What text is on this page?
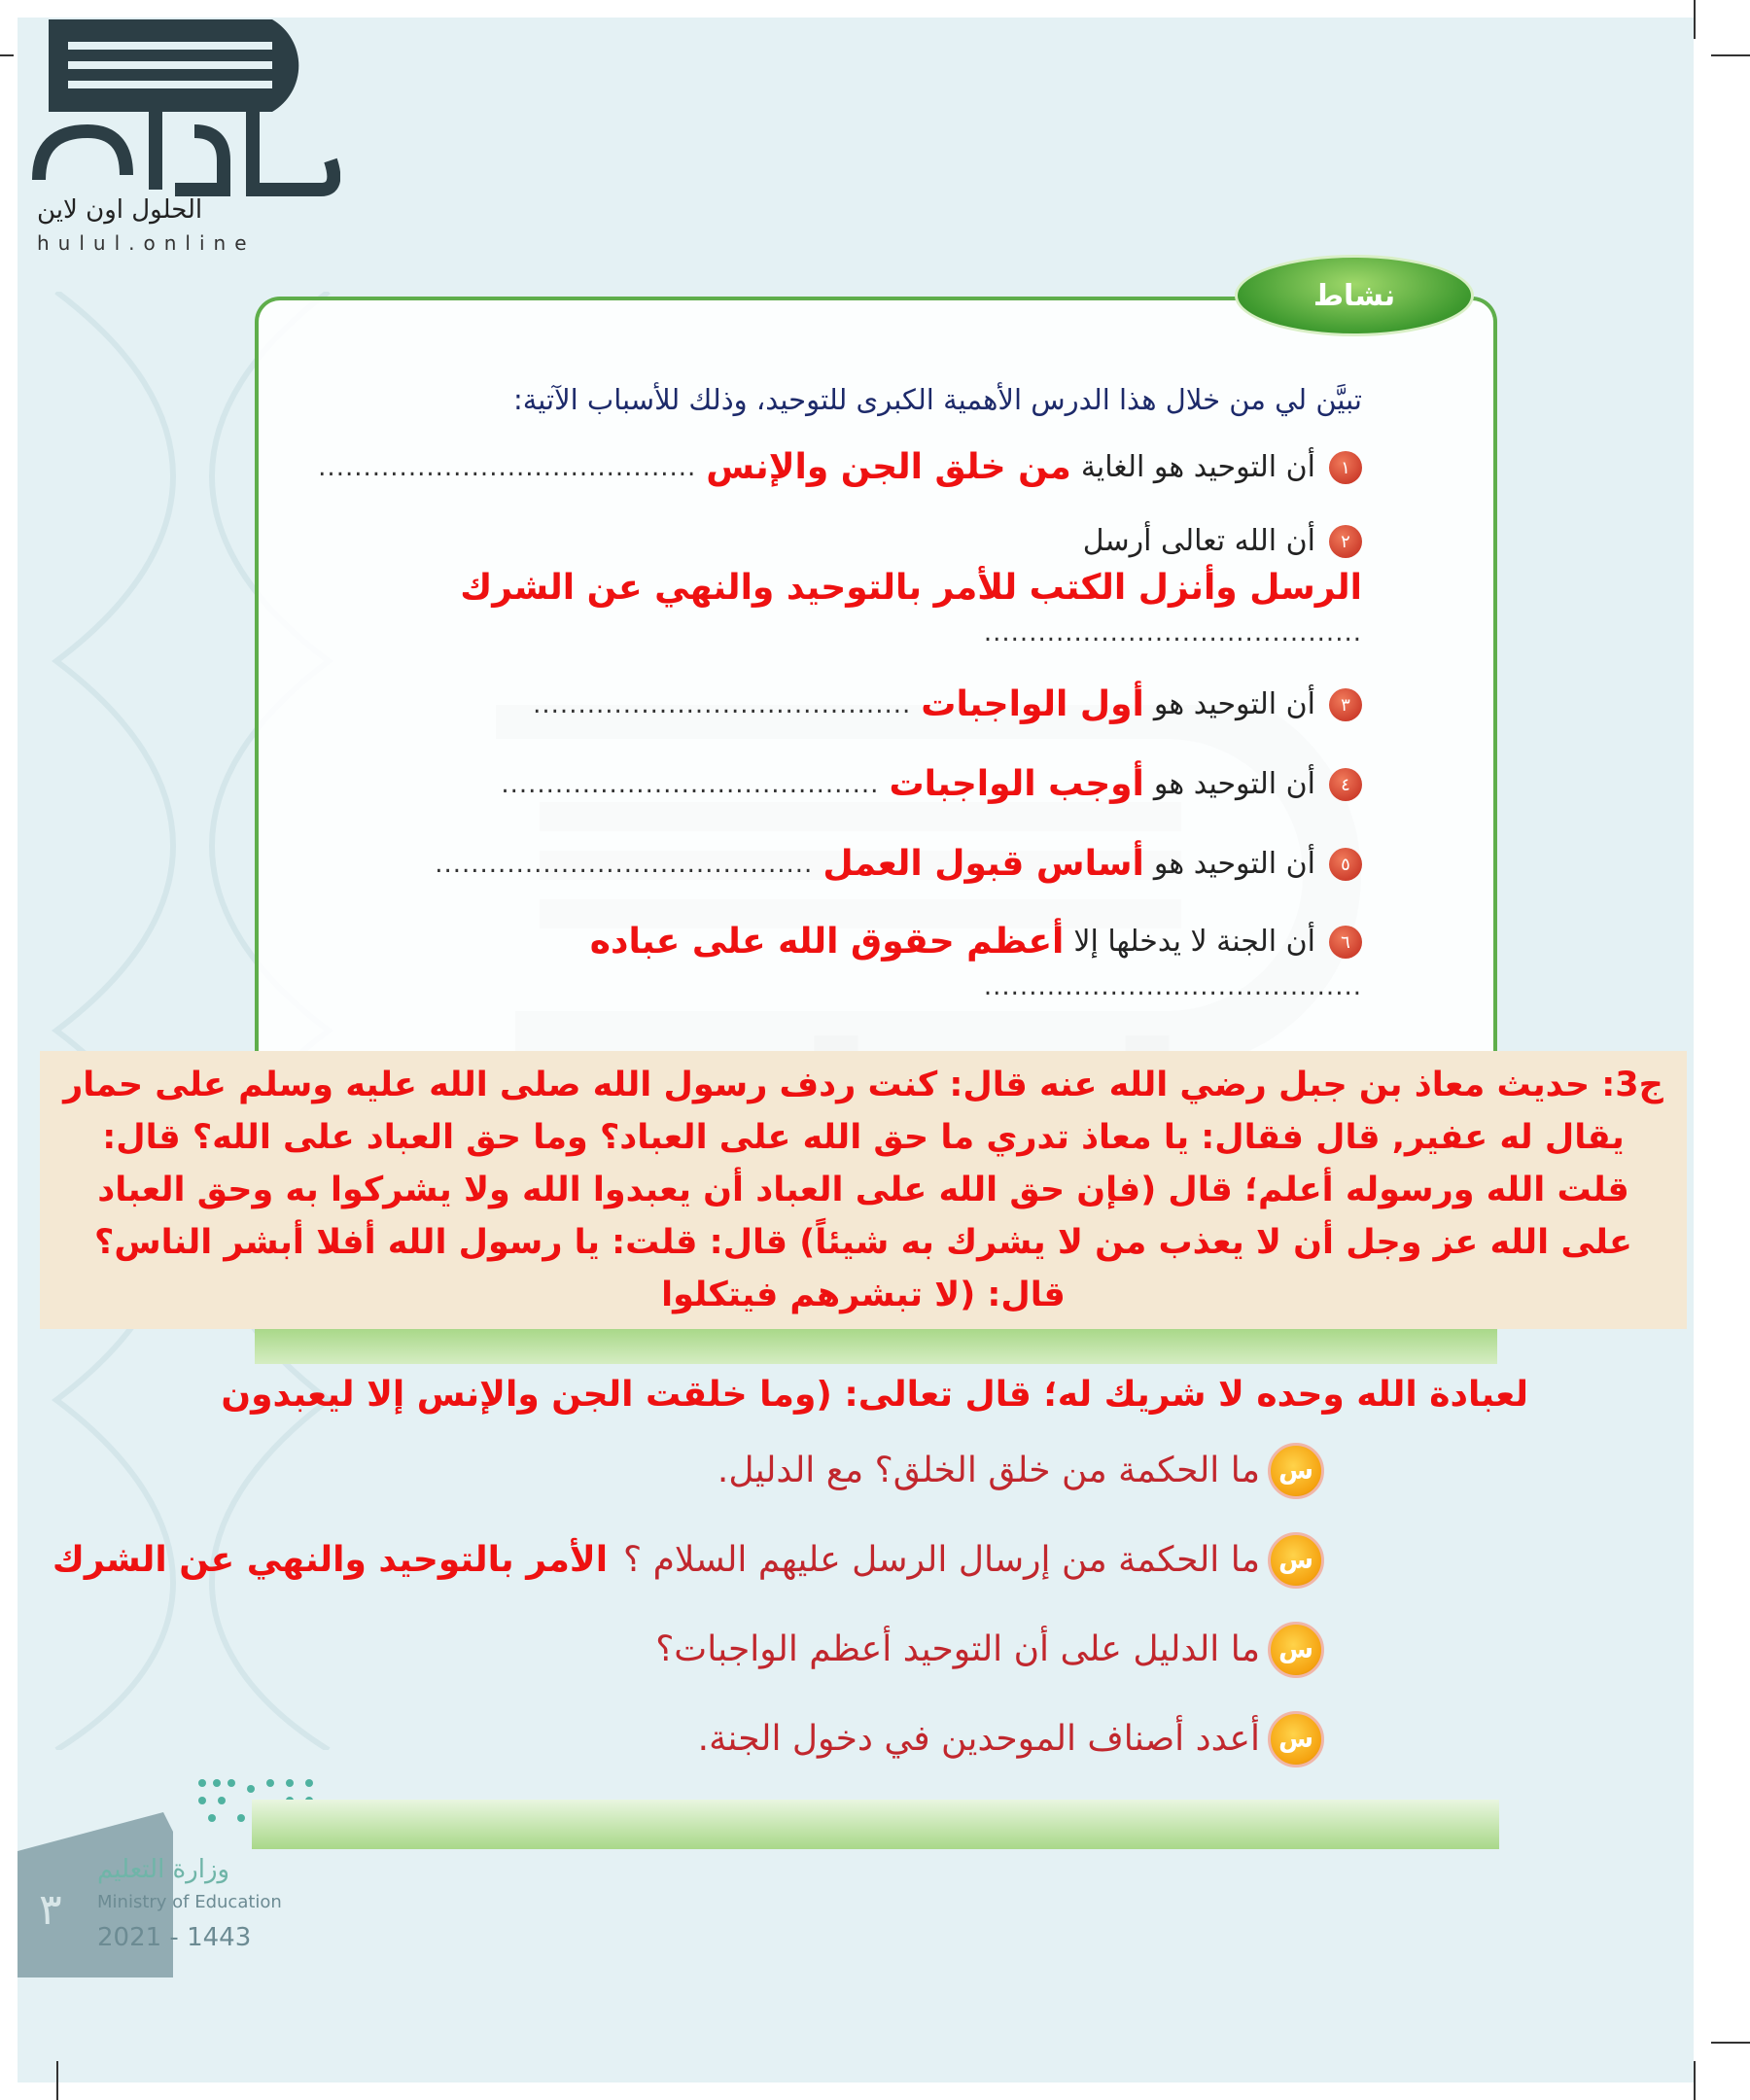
الحلول اون لاين
hulul.online
نشاط
تبيَّن لي من خلال هذا الدرس الأهمية الكبرى للتوحيد، وذلك للأسباب الآتية:
١
أن التوحيد هو الغاية
من خلق الجن والإنس
..........................................
٢
أن الله تعالى أرسل
الرسل وأنزل الكتب للأمر بالتوحيد والنهي عن الشرك
..........................................
٣
أن التوحيد هو
أول الواجبات
..........................................
٤
أن التوحيد هو
أوجب الواجبات
..........................................
٥
أن التوحيد هو
أساس قبول العمل
..........................................
٦
أن الجنة لا يدخلها إلا
أعظم حقوق الله على عباده
..........................................
ج3: حديث معاذ بن جبل رضي الله عنه قال: كنت ردف رسول الله صلى الله عليه وسلم على حمار يقال له عفير, قال فقال: يا معاذ تدري ما حق الله على العباد؟ وما حق العباد على الله؟ قال: قلت الله ورسوله أعلم؛ قال (فإن حق الله على العباد أن يعبدوا الله ولا يشركوا به وحق العباد على الله عز وجل أن لا يعذب من لا يشرك به شيئاً) قال: قلت: يا رسول الله أفلا أبشر الناس؟ قال: (لا تبشرهم فيتكلوا
لعبادة الله وحده لا شريك له؛ قال تعالى: (وما خلقت الجن والإنس إلا ليعبدون
س
ما الحكمة من خلق الخلق؟ مع الدليل.
س
ما الحكمة من إرسال الرسل عليهم السلام ؟
الأمر بالتوحيد والنهي عن الشرك
س
ما الدليل على أن التوحيد أعظم الواجبات؟
س
أعدد أصناف الموحدين في دخول الجنة.
وزارة التعليم
Ministry of Education
2021 - 1443
٣
